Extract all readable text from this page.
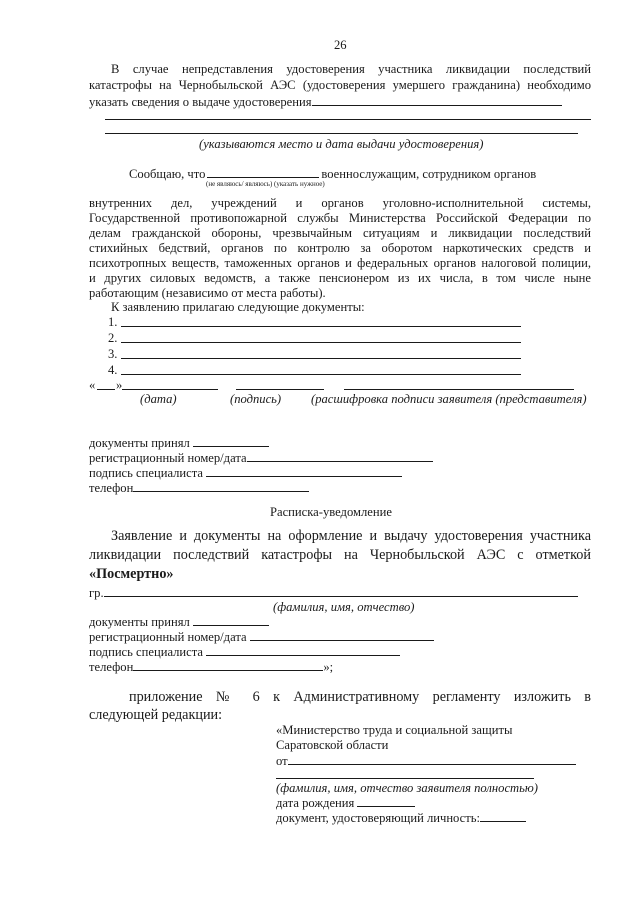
26
В случае непредставления удостоверения участника ликвидации последствий
катастрофы на Чернобыльской АЭС (удостоверения умершего гражданина) необходимо
указать сведения о выдаче удостоверения
(указываются место и дата выдачи удостоверения)
Сообщаю, что	военнослужащим, сотрудником органов
(не являюсь/ являюсь) (указать нужное)
внутренних дел, учреждений и органов уголовно-исполнительной системы,
Государственной противопожарной службы Министерства Российской Федерации по
делам гражданской обороны, чрезвычайным ситуациям и ликвидации последствий
стихийных бедствий, органов по контролю за оборотом наркотических средств и
психотропных веществ, таможенных органов и федеральных органов налоговой полиции,
и других силовых ведомств, а также пенсионером из их числа, в том числе ныне
работающим (независимо от места работы).
К заявлению прилагаю следующие документы:
1.
2.
3.
4.
« »
(дата)	(подпись) (расшифровка подписи заявителя (представителя)
документы принял
регистрационный номер/дата
подпись специалиста
телефон
Расписка-уведомление
Заявление и документы на оформление и выдачу удостоверения участника
ликвидации последствий катастрофы на Чернобыльской АЭС с отметкой
«Посмертно»
гр.
(фамилия, имя, отчество)
документы принял
регистрационный номер/дата
подпись специалиста
телефон	»;
приложение № 6 к Административному регламенту изложить в
следующей редакции:
«Министерство труда и социальной защиты
Саратовской области
от
(фамилия, имя, отчество заявителя полностью)
дата рождения
документ, удостоверяющий личность:
